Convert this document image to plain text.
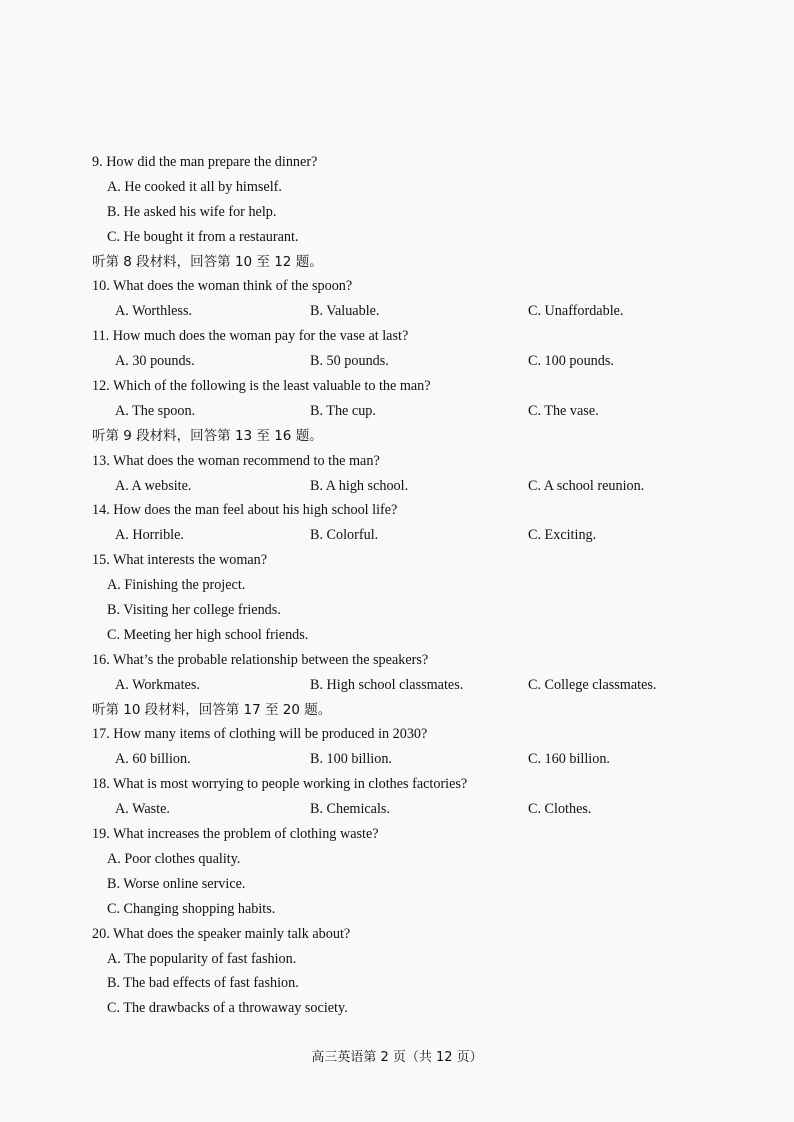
9. How did the man prepare the dinner?
A. He cooked it all by himself.
B. He asked his wife for help.
C. He bought it from a restaurant.
听第 8 段材料，回答第 10 至 12 题。
10. What does the woman think of the spoon?
A. Worthless.	B. Valuable.	C. Unaffordable.
11. How much does the woman pay for the vase at last?
A. 30 pounds.	B. 50 pounds.	C. 100 pounds.
12. Which of the following is the least valuable to the man?
A. The spoon.	B. The cup.	C. The vase.
听第 9 段材料，回答第 13 至 16 题。
13. What does the woman recommend to the man?
A. A website.	B. A high school.	C. A school reunion.
14. How does the man feel about his high school life?
A. Horrible.	B. Colorful.	C. Exciting.
15. What interests the woman?
A. Finishing the project.
B. Visiting her college friends.
C. Meeting her high school friends.
16. What’s the probable relationship between the speakers?
A. Workmates.	B. High school classmates.	C. College classmates.
听第 10 段材料，回答第 17 至 20 题。
17. How many items of clothing will be produced in 2030?
A. 60 billion.	B. 100 billion.	C. 160 billion.
18. What is most worrying to people working in clothes factories?
A. Waste.	B. Chemicals.	C. Clothes.
19. What increases the problem of clothing waste?
A. Poor clothes quality.
B. Worse online service.
C. Changing shopping habits.
20. What does the speaker mainly talk about?
A. The popularity of fast fashion.
B. The bad effects of fast fashion.
C. The drawbacks of a throwaway society.
高三英语第 2 页（共 12 页）
